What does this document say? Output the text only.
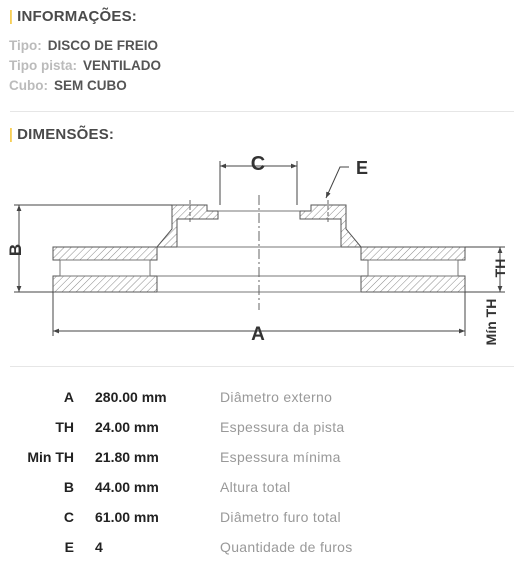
| INFORMAÇÕES:
Tipo: DISCO DE FREIO
Tipo pista: VENTILADO
Cubo: SEM CUBO
| DIMENSÕES:
C	E
B
A
TH
Mín TH
A 280.00 mm	Diâmetro externo
TH 24.00 mm	Espessura da pista
Min TH 21.80 mm	Espessura mínima
B 44.00 mm	Altura total
C 61.00 mm	Diâmetro furo total
E 4	Quantidade de furos
